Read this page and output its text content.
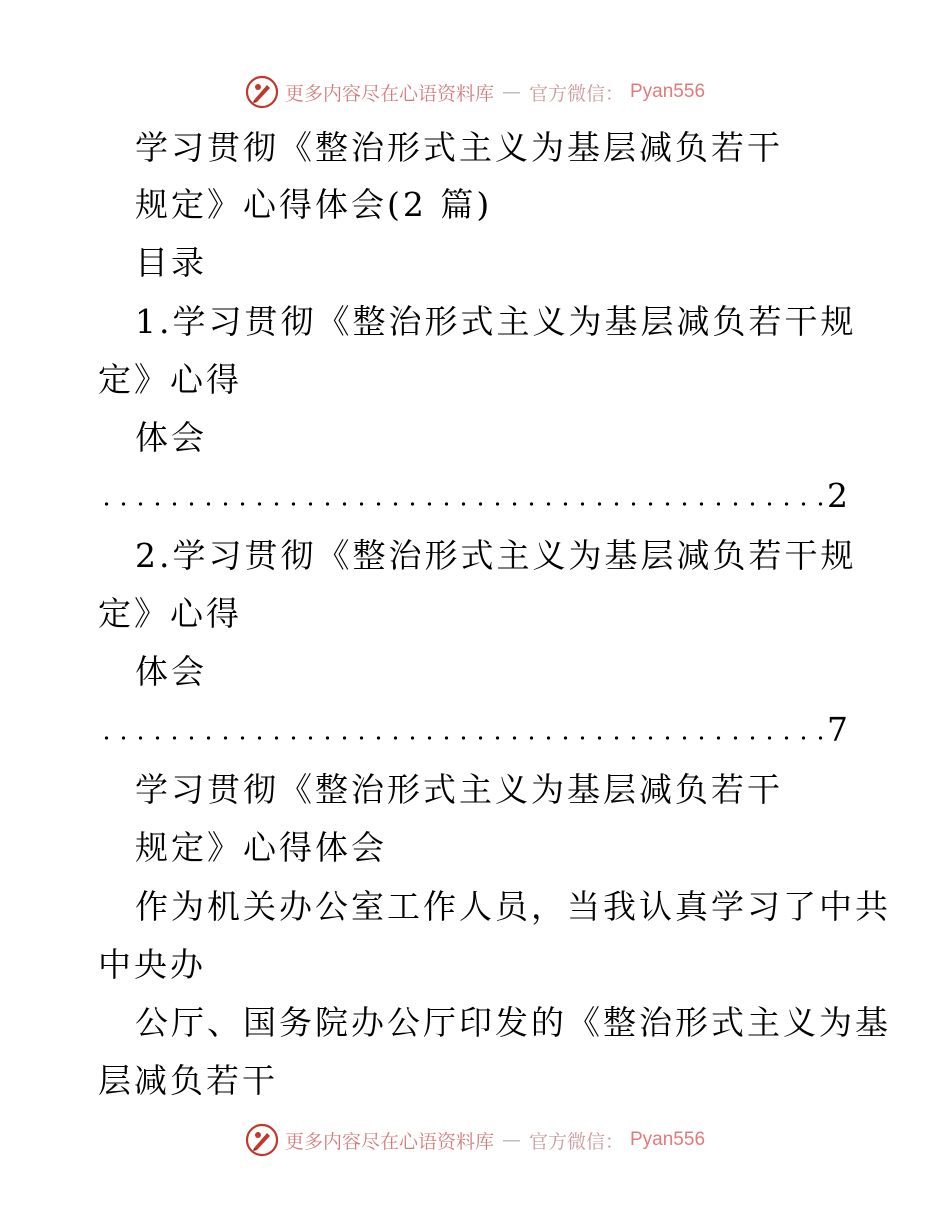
更多内容尽在心语资料库 — 官方微信： Pyan556
学习贯彻《整治形式主义为基层减负若干
规定》心得体会(2 篇)
目录
1.学习贯彻《整治形式主义为基层减负若干规
定》心得
体会
2
2.学习贯彻《整治形式主义为基层减负若干规
定》心得
体会
7
学习贯彻《整治形式主义为基层减负若干
规定》心得体会
作为机关办公室工作人员，当我认真学习了中共
中央办
公厅、国务院办公厅印发的《整治形式主义为基
层减负若干
更多内容尽在心语资料库 — 官方微信： Pyan556
